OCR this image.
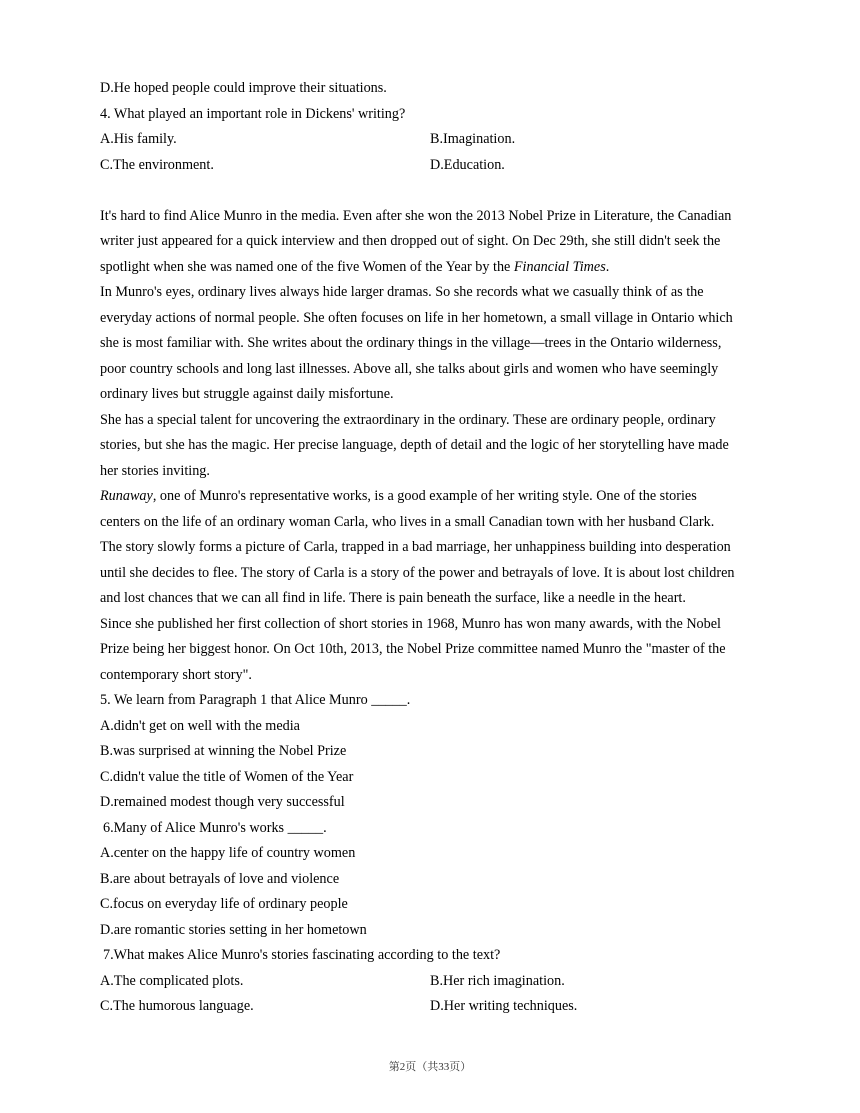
D.He hoped people could improve their situations.
4. What played an important role in Dickens' writing?
A.His family.	B.Imagination.
C.The environment.	D.Education.
It's hard to find Alice Munro in the media. Even after she won the 2013 Nobel Prize in Literature, the Canadian
writer just appeared for a quick interview and then dropped out of sight. On Dec 29th, she still didn't seek the
spotlight when she was named one of the five Women of the Year by the Financial Times.
In Munro's eyes, ordinary lives always hide larger dramas. So she records what we casually think of as the
everyday actions of normal people. She often focuses on life in her hometown, a small village in Ontario which
she is most familiar with. She writes about the ordinary things in the village—trees in the Ontario wilderness,
poor country schools and long last illnesses. Above all, she talks about girls and women who have seemingly
ordinary lives but struggle against daily misfortune.
She has a special talent for uncovering the extraordinary in the ordinary. These are ordinary people, ordinary
stories, but she has the magic. Her precise language, depth of detail and the logic of her storytelling have made
her stories inviting.
Runaway, one of Munro's representative works, is a good example of her writing style. One of the stories
centers on the life of an ordinary woman Carla, who lives in a small Canadian town with her husband Clark.
The story slowly forms a picture of Carla, trapped in a bad marriage, her unhappiness building into desperation
until she decides to flee. The story of Carla is a story of the power and betrayals of love. It is about lost children
and lost chances that we can all find in life. There is pain beneath the surface, like a needle in the heart.
Since she published her first collection of short stories in 1968, Munro has won many awards, with the Nobel
Prize being her biggest honor. On Oct 10th, 2013, the Nobel Prize committee named Munro the "master of the
contemporary short story".
5. We learn from Paragraph 1 that Alice Munro _____.
A.didn't get on well with the media
B.was surprised at winning the Nobel Prize
C.didn't value the title of Women of the Year
D.remained modest though very successful
6.Many of Alice Munro's works _____.
A.center on the happy life of country women
B.are about betrayals of love and violence
C.focus on everyday life of ordinary people
D.are romantic stories setting in her hometown
7.What makes Alice Munro's stories fascinating according to the text?
A.The complicated plots.	B.Her rich imagination.
C.The humorous language.	D.Her writing techniques.
第2页（共33页）
